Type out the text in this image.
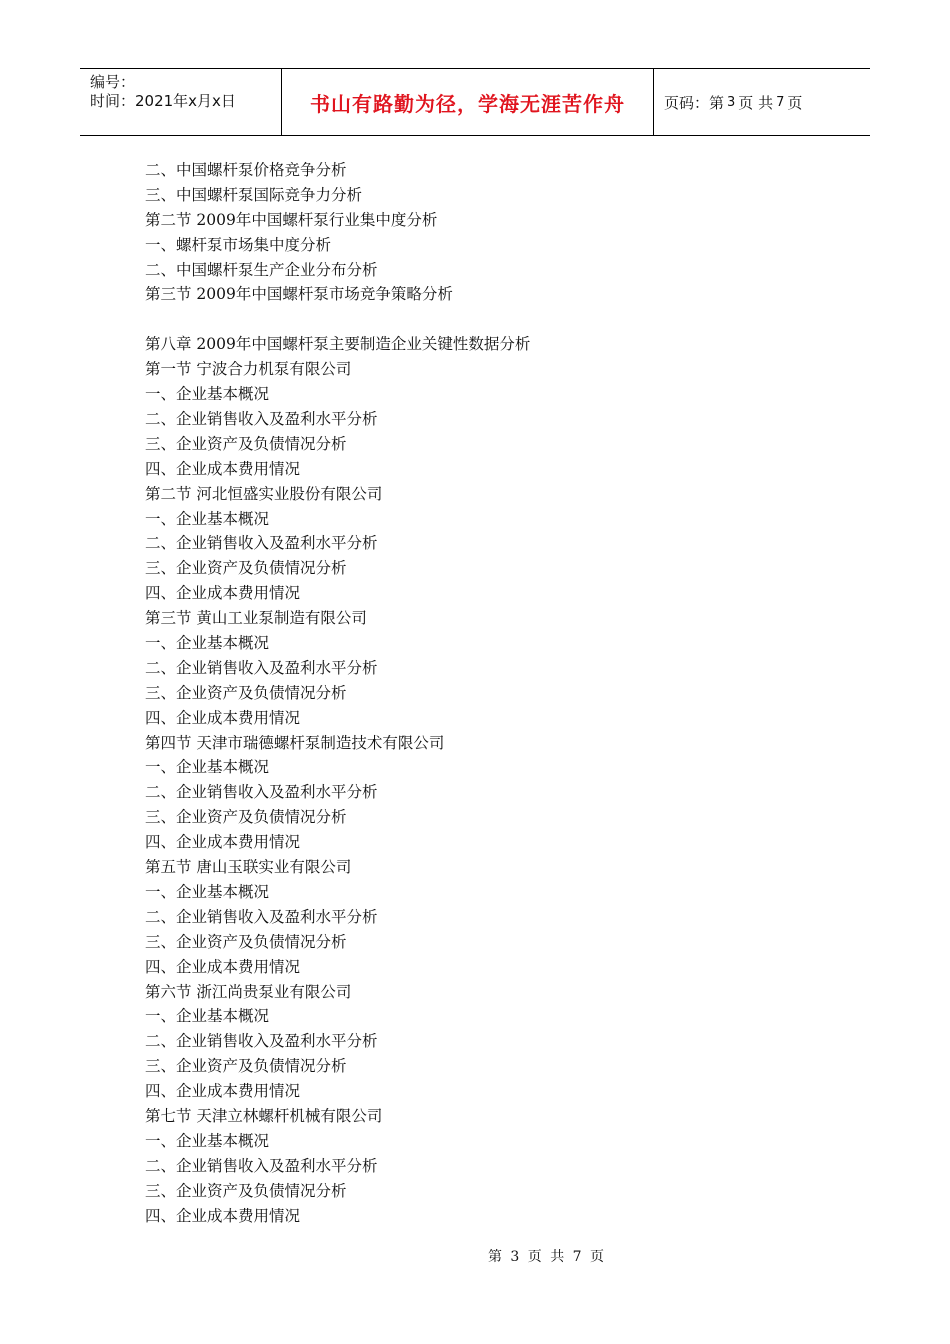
编号：
时间：2021年x月x日	书山有路勤为径，学海无涯苦作舟	页码：第 3 页 共 7 页
二、中国螺杆泵价格竞争分析
三、中国螺杆泵国际竞争力分析
第二节 2009年中国螺杆泵行业集中度分析
一、螺杆泵市场集中度分析
二、中国螺杆泵生产企业分布分析
第三节 2009年中国螺杆泵市场竞争策略分析
第八章 2009年中国螺杆泵主要制造企业关键性数据分析
第一节 宁波合力机泵有限公司
一、企业基本概况
二、企业销售收入及盈利水平分析
三、企业资产及负债情况分析
四、企业成本费用情况
第二节 河北恒盛实业股份有限公司
一、企业基本概况
二、企业销售收入及盈利水平分析
三、企业资产及负债情况分析
四、企业成本费用情况
第三节 黄山工业泵制造有限公司
一、企业基本概况
二、企业销售收入及盈利水平分析
三、企业资产及负债情况分析
四、企业成本费用情况
第四节 天津市瑞德螺杆泵制造技术有限公司
一、企业基本概况
二、企业销售收入及盈利水平分析
三、企业资产及负债情况分析
四、企业成本费用情况
第五节 唐山玉联实业有限公司
一、企业基本概况
二、企业销售收入及盈利水平分析
三、企业资产及负债情况分析
四、企业成本费用情况
第六节 浙江尚贵泵业有限公司
一、企业基本概况
二、企业销售收入及盈利水平分析
三、企业资产及负债情况分析
四、企业成本费用情况
第七节 天津立林螺杆机械有限公司
一、企业基本概况
二、企业销售收入及盈利水平分析
三、企业资产及负债情况分析
四、企业成本费用情况
第 3 页 共 7 页
